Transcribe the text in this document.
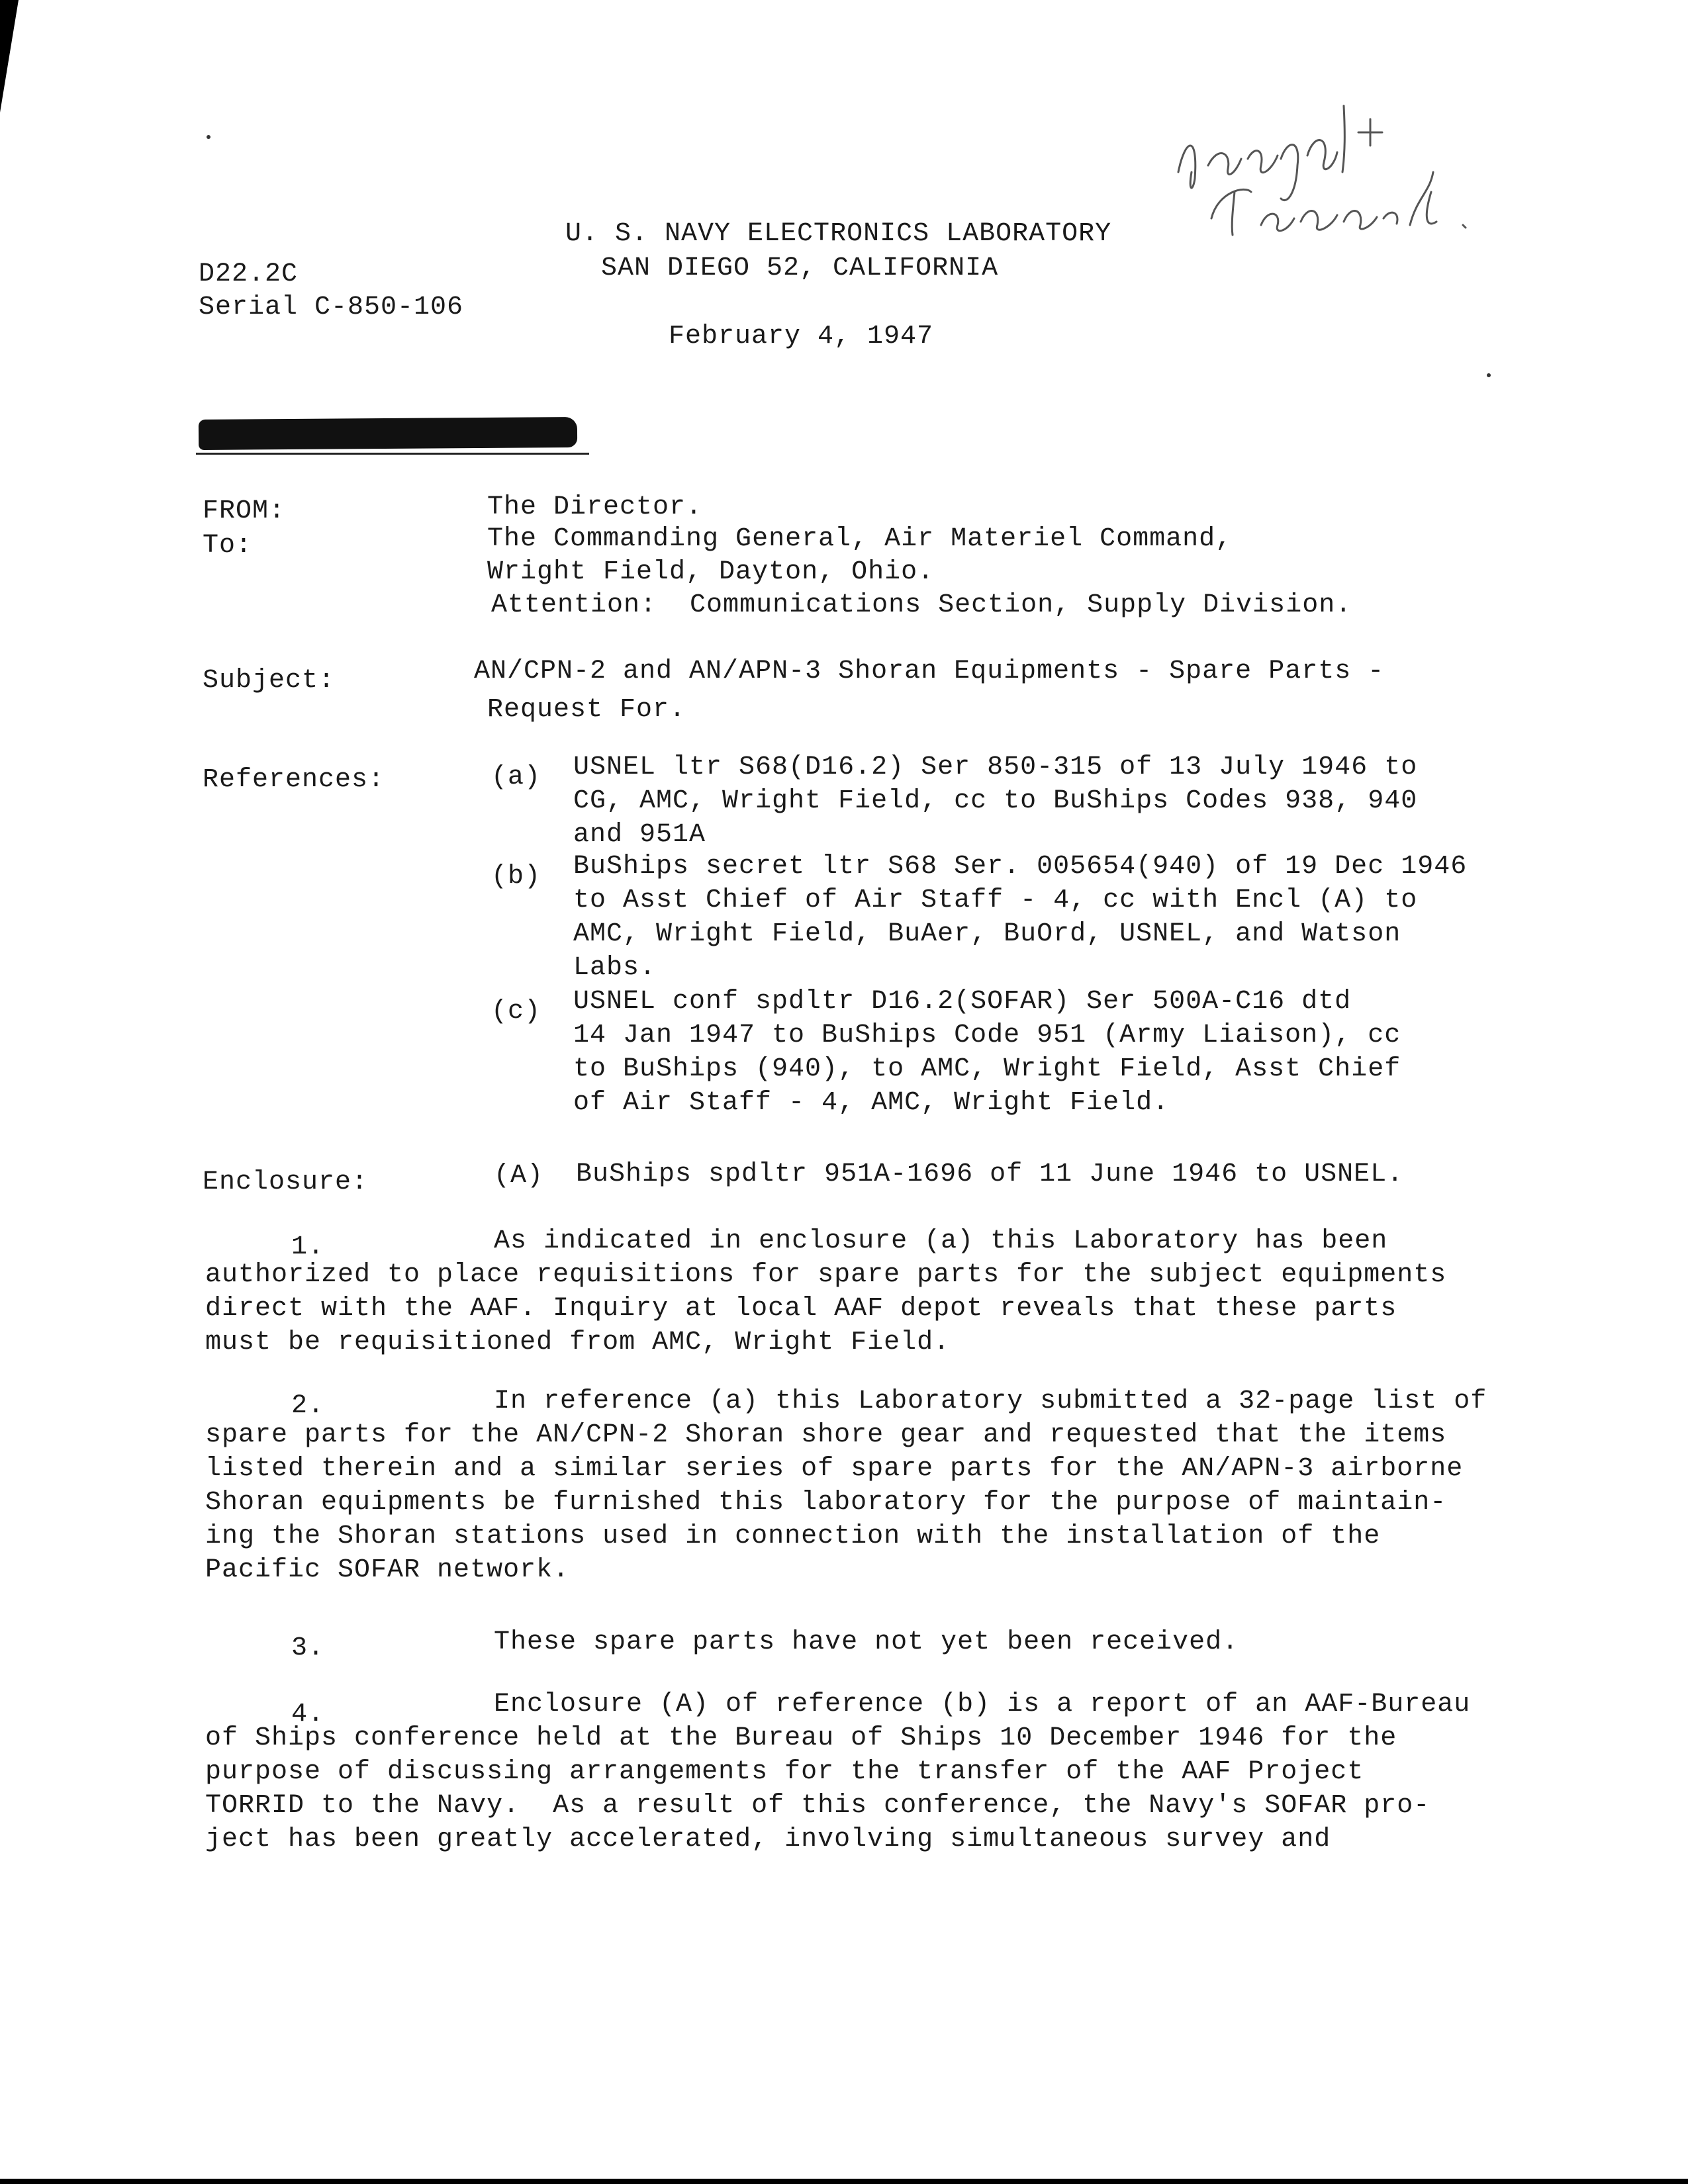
Navy Torrid
U. S. NAVY ELECTRONICS LABORATORY
SAN DIEGO 52, CALIFORNIA
D22.2C
Serial C-850-106
February 4, 1947
FROM:	The Director.
To:	The Commanding General, Air Materiel Command,
Wright Field, Dayton, Ohio.
Attention:  Communications Section, Supply Division.
Subject:	AN/CPN-2 and AN/APN-3 Shoran Equipments - Spare Parts -
Request For.
References:	(a) USNEL ltr S68(D16.2) Ser 850-315 of 13 July 1946 to
CG, AMC, Wright Field, cc to BuShips Codes 938, 940
and 951A
(b) BuShips secret ltr S68 Ser. 005654(940) of 19 Dec 1946
to Asst Chief of Air Staff - 4, cc with Encl (A) to
AMC, Wright Field, BuAer, BuOrd, USNEL, and Watson
Labs.
(c) USNEL conf spdltr D16.2(SOFAR) Ser 500A-C16 dtd
14 Jan 1947 to BuShips Code 951 (Army Liaison), cc
to BuShips (940), to AMC, Wright Field, Asst Chief
of Air Staff - 4, AMC, Wright Field.
Enclosure:	(A) BuShips spdltr 951A-1696 of 11 June 1946 to USNEL.
1.	As indicated in enclosure (a) this Laboratory has been
authorized to place requisitions for spare parts for the subject equipments
direct with the AAF. Inquiry at local AAF depot reveals that these parts
must be requisitioned from AMC, Wright Field.
2.	In reference (a) this Laboratory submitted a 32-page list of
spare parts for the AN/CPN-2 Shoran shore gear and requested that the items
listed therein and a similar series of spare parts for the AN/APN-3 airborne
Shoran equipments be furnished this laboratory for the purpose of maintain-
ing the Shoran stations used in connection with the installation of the
Pacific SOFAR network.
3.	These spare parts have not yet been received.
4.	Enclosure (A) of reference (b) is a report of an AAF-Bureau
of Ships conference held at the Bureau of Ships 10 December 1946 for the
purpose of discussing arrangements for the transfer of the AAF Project
TORRID to the Navy.  As a result of this conference, the Navy's SOFAR pro-
ject has been greatly accelerated, involving simultaneous survey and
